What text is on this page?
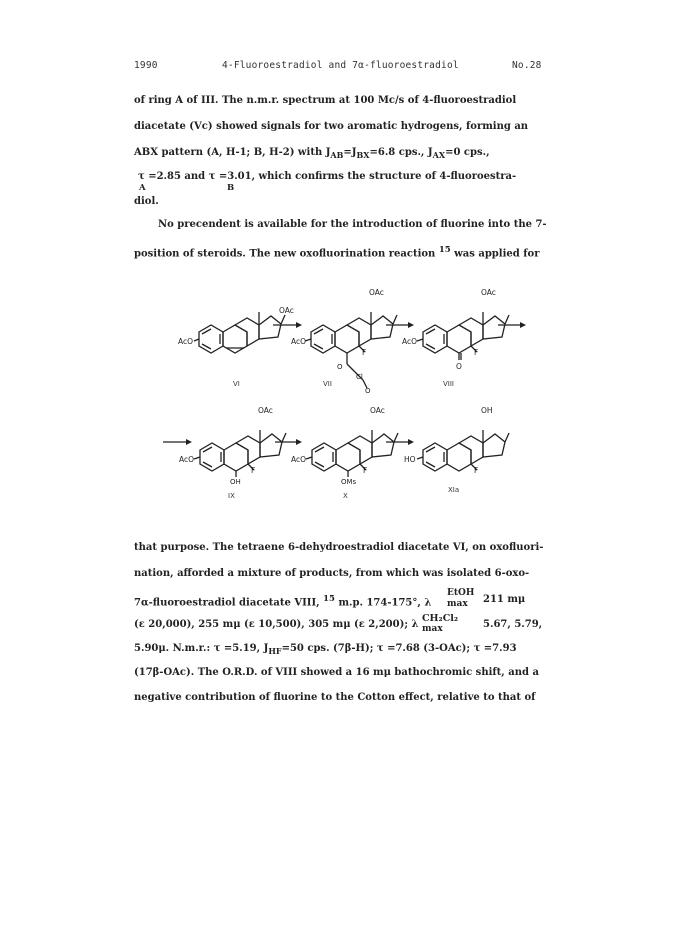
1990	4-Fluoroestradiol and 7α-fluoroestradiol	No.28
of ring A of III. The n.m.r. spectrum at 100 Mc/s of 4-fluoroestradiol
diacetate (Vc) showed signals for two aromatic hydrogens, forming an
ABX pattern (A, H-1; B, H-2) with $J_{AB}=J_{BX}=6.8$ cps., $J_{AX}=0$ cps.,
τ =2.85 and τ =3.01, which confirms the structure of 4-fluoroestra-
A	B
diol.
No precendent is available for the introduction of fluorine into the 7-
position of steroids. The new oxofluorination reaction $^{15}$ was applied for
OAc
AcO
OAc
AcO
F
O
Cl
O
OAc
AcO
O
F
VI	VII	VIII
OAc
AcO
OH
F
OAc
AcO
OMs
F
OH
HO
F
IX	X
XIa
that purpose. The tetraene 6-dehydroestradiol diacetate VI, on oxofluori-
nation, afforded a mixture of products, from which was isolated 6-oxo-
7α-fluoroestradiol diacetate VIII, $^{15}$ m.p. 174-175°, λ
EtOH
max 211 mμ
(ε 20,000), 255 mμ (ε 10,500), 305 mμ (ε 2,200); λ
CH₂Cl₂
max	5.67, 5.79,
5.90μ. N.m.r.: τ =5.19, $J_{HF}=50$ cps. (7β-H); τ =7.68 (3-OAc); τ =7.93
(17β-OAc). The O.R.D. of VIII showed a 16 mμ bathochromic shift, and a
negative contribution of fluorine to the Cotton effect, relative to that of
